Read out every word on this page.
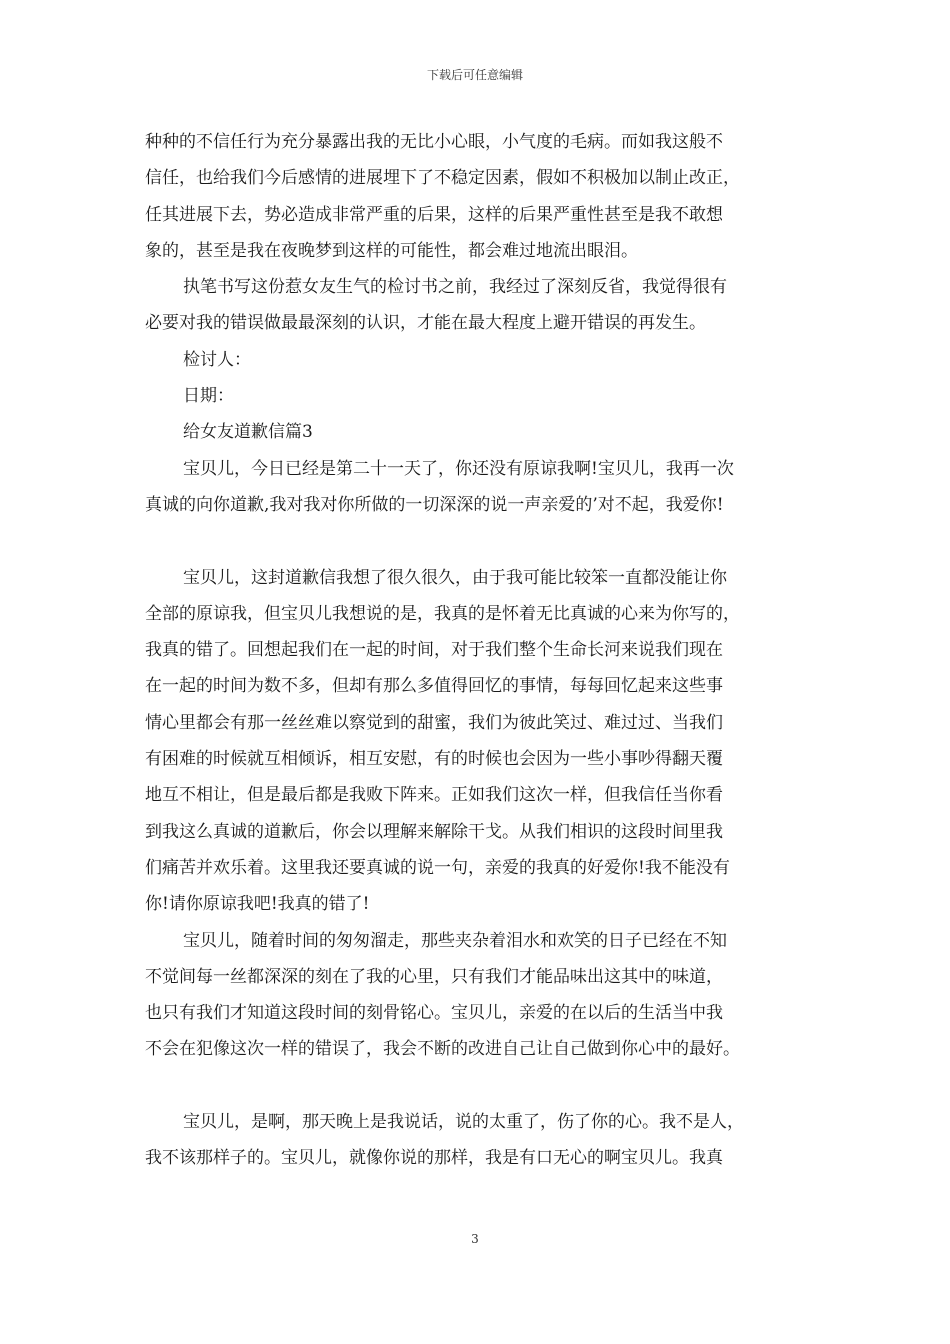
下载后可任意编辑
种种的不信任行为充分暴露出我的无比小心眼，小气度的毛病。而如我这般不
信任，也给我们今后感情的进展埋下了不稳定因素，假如不积极加以制止改正，
任其进展下去，势必造成非常严重的后果，这样的后果严重性甚至是我不敢想
象的，甚至是我在夜晚梦到这样的可能性，都会难过地流出眼泪。
执笔书写这份惹女友生气的检讨书之前，我经过了深刻反省，我觉得很有
必要对我的错误做最最深刻的认识，才能在最大程度上避开错误的再发生。
检讨人：
日期：
给女友道歉信篇3
宝贝儿，今日已经是第二十一天了，你还没有原谅我啊!宝贝儿，我再一次
真诚的向你道歉,我对我对你所做的一切深深的说一声亲爱的’对不起，我爱你!
宝贝儿，这封道歉信我想了很久很久，由于我可能比较笨一直都没能让你
全部的原谅我，但宝贝儿我想说的是，我真的是怀着无比真诚的心来为你写的，
我真的错了。回想起我们在一起的时间，对于我们整个生命长河来说我们现在
在一起的时间为数不多，但却有那么多值得回忆的事情，每每回忆起来这些事
情心里都会有那一丝丝难以察觉到的甜蜜，我们为彼此笑过、难过过、当我们
有困难的时候就互相倾诉，相互安慰，有的时候也会因为一些小事吵得翻天覆
地互不相让，但是最后都是我败下阵来。正如我们这次一样，但我信任当你看
到我这么真诚的道歉后，你会以理解来解除干戈。从我们相识的这段时间里我
们痛苦并欢乐着。这里我还要真诚的说一句，亲爱的我真的好爱你!我不能没有
你!请你原谅我吧!我真的错了!
宝贝儿，随着时间的匆匆溜走，那些夹杂着泪水和欢笑的日子已经在不知
不觉间每一丝都深深的刻在了我的心里，只有我们才能品味出这其中的味道，
也只有我们才知道这段时间的刻骨铭心。宝贝儿，亲爱的在以后的生活当中我
不会在犯像这次一样的错误了，我会不断的改进自己让自己做到你心中的最好。
宝贝儿，是啊，那天晚上是我说话，说的太重了，伤了你的心。我不是人，
我不该那样子的。宝贝儿，就像你说的那样，我是有口无心的啊宝贝儿。我真
3
